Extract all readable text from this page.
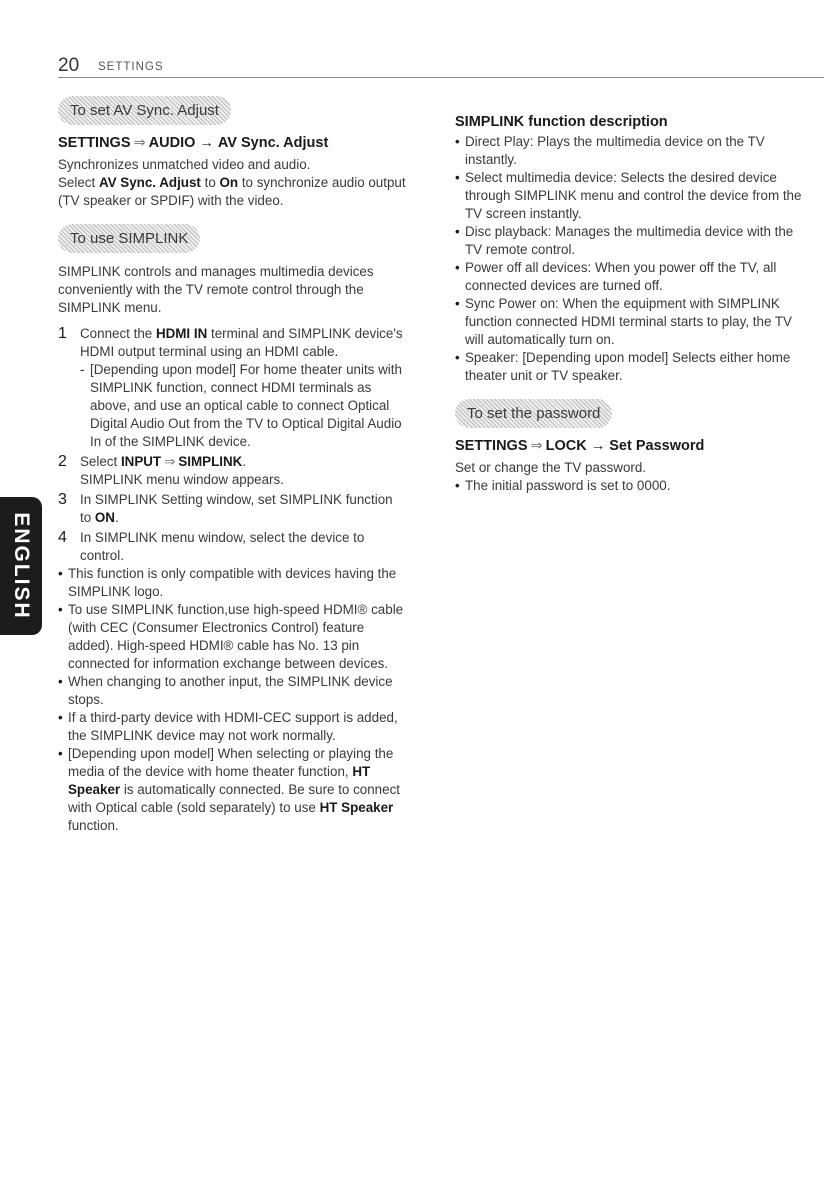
20 SETTINGS
ENGLISH
To set AV Sync. Adjust
SETTINGS ⇒ AUDIO → AV Sync. Adjust

Synchronizes unmatched video and audio.

Select AV Sync. Adjust to On to synchronize audio output (TV speaker or SPDIF) with the video.

To use SIMPLINK

SIMPLINK controls and manages multimedia devices conveniently with the TV remote control through the SIMPLINK menu.

1 Connect the HDMI IN terminal and SIMPLINK device's HDMI output terminal using an HDMI cable.

- [Depending upon model] For home theater units with SIMPLINK function, connect HDMI terminals as above, and use an optical cable to connect Optical Digital Audio Out from the TV to Optical Digital Audio In of the SIMPLINK device.

2 Select INPUT ⇒ SIMPLINK.

SIMPLINK menu window appears.

3 In SIMPLINK Setting window, set SIMPLINK function to ON.

4 In SIMPLINK menu window, select the device to control.

• This function is only compatible with devices having the SIMPLINK logo.

• To use SIMPLINK function,use high-speed HDMI® cable (with CEC (Consumer Electronics Control) feature added). High-speed HDMI® cable has No. 13 pin connected for information exchange between devices.

• When changing to another input, the SIMPLINK device stops.

• If a third-party device with HDMI-CEC support is added, the SIMPLINK device may not work normally.

• [Depending upon model] When selecting or playing the media of the device with home theater function, HT Speaker is automatically connected. Be sure to connect with Optical cable (sold separately) to use HT Speaker function.

SIMPLINK function description
• Direct Play: Plays the multimedia device on the TV instantly.

• Select multimedia device: Selects the desired device through SIMPLINK menu and control the device from the TV screen instantly.

• Disc playback: Manages the multimedia device with the TV remote control.

• Power off all devices: When you power off the TV, all connected devices are turned off.

• Sync Power on: When the equipment with SIMPLINK function connected HDMI terminal starts to play, the TV will automatically turn on.

• Speaker: [Depending upon model] Selects either home theater unit or TV speaker.

To set the password
SETTINGS ⇒ LOCK → Set Password

Set or change the TV password.

• The initial password is set to 0000.
